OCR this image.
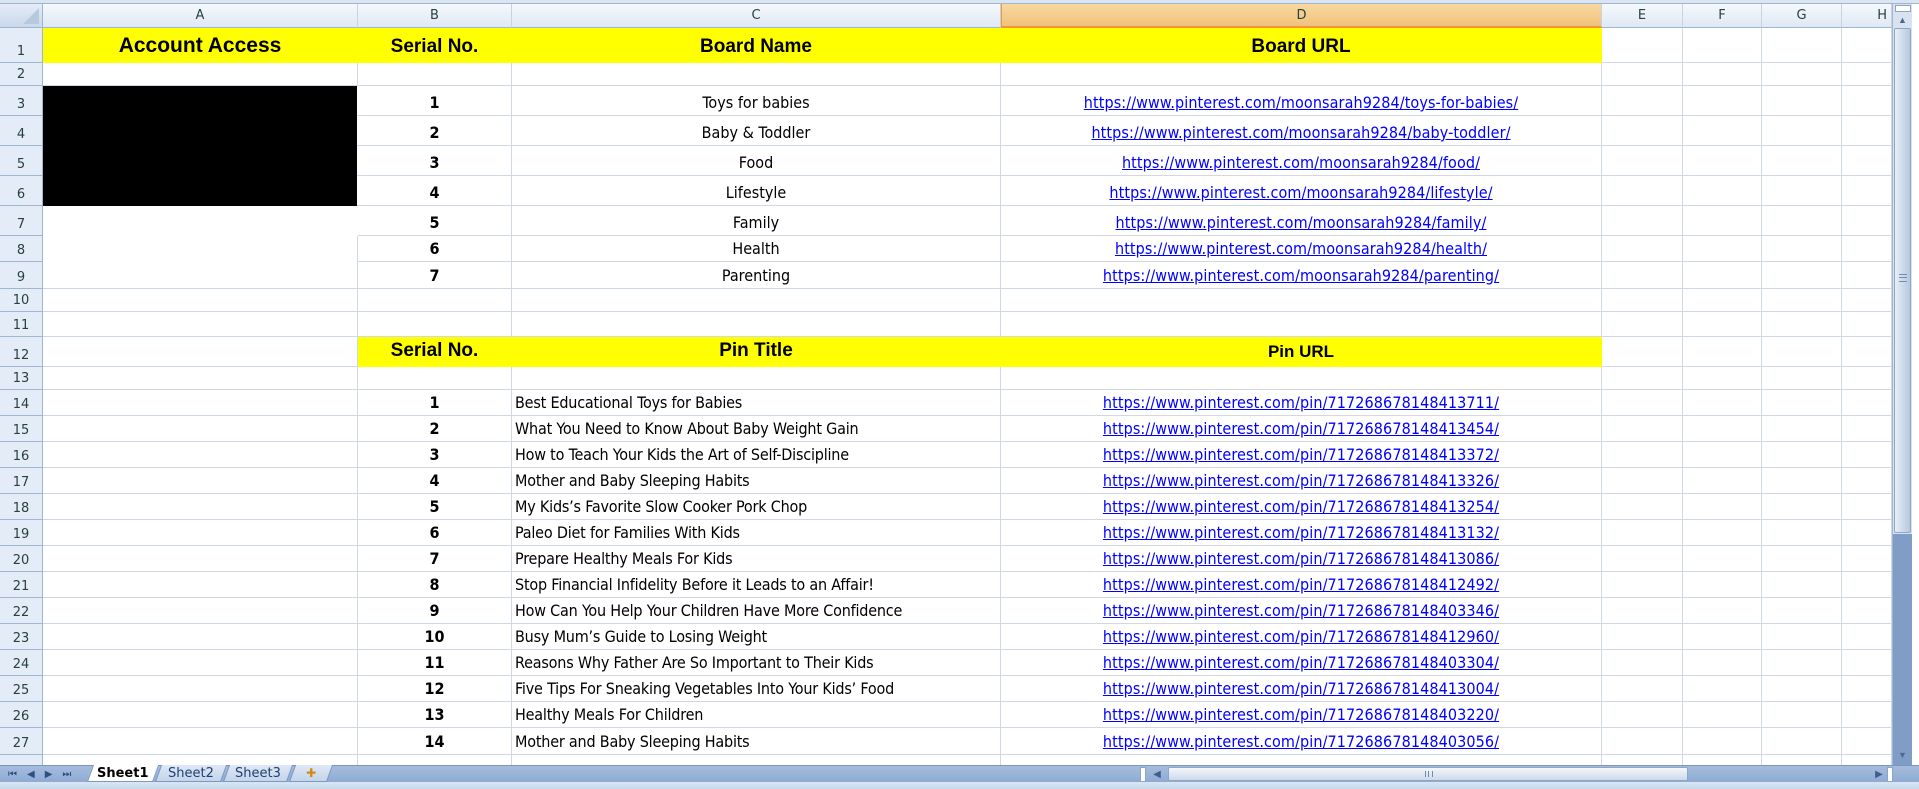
A	B	C	D	E	F	G	H
1
2
3
4
5
6
7
8
9
10
11
12
13
14
15
16
17
18
19
20
21
22
23
24
25
26
27
Account Access	Serial No.	Board Name	Board URL
1	Toys for babies	https://www.pinterest.com/moonsarah9284/toys-for-babies/
2	Baby & Toddler	https://www.pinterest.com/moonsarah9284/baby-toddler/
3	Food	https://www.pinterest.com/moonsarah9284/food/
4	Lifestyle	https://www.pinterest.com/moonsarah9284/lifestyle/
5	Family	https://www.pinterest.com/moonsarah9284/family/
6	Health	https://www.pinterest.com/moonsarah9284/health/
7	Parenting	https://www.pinterest.com/moonsarah9284/parenting/
Serial No.	Pin Title	Pin URL
1	Best Educational Toys for Babies	https://www.pinterest.com/pin/717268678148413711/
2	What You Need to Know About Baby Weight Gain	https://www.pinterest.com/pin/717268678148413454/
3	How to Teach Your Kids the Art of Self-Discipline	https://www.pinterest.com/pin/717268678148413372/
4	Mother and Baby Sleeping Habits	https://www.pinterest.com/pin/717268678148413326/
5	My Kids’s Favorite Slow Cooker Pork Chop	https://www.pinterest.com/pin/717268678148413254/
6	Paleo Diet for Families With Kids	https://www.pinterest.com/pin/717268678148413132/
7	Prepare Healthy Meals For Kids	https://www.pinterest.com/pin/717268678148413086/
8	Stop Financial Infidelity Before it Leads to an Affair!	https://www.pinterest.com/pin/717268678148412492/
9	How Can You Help Your Children Have More Confidence	https://www.pinterest.com/pin/717268678148403346/
10	Busy Mum’s Guide to Losing Weight	https://www.pinterest.com/pin/717268678148412960/
11	Reasons Why Father Are So Important to Their Kids	https://www.pinterest.com/pin/717268678148403304/
12	Five Tips For Sneaking Vegetables Into Your Kids’ Food	https://www.pinterest.com/pin/717268678148413004/
13	Healthy Meals For Children	https://www.pinterest.com/pin/717268678148403220/
14	Mother and Baby Sleeping Habits	https://www.pinterest.com/pin/717268678148403056/
▲
▼
⏮ ◀ ▶ ⏭ Sheet1 Sheet2 Sheet3 ✚	◀	▶
